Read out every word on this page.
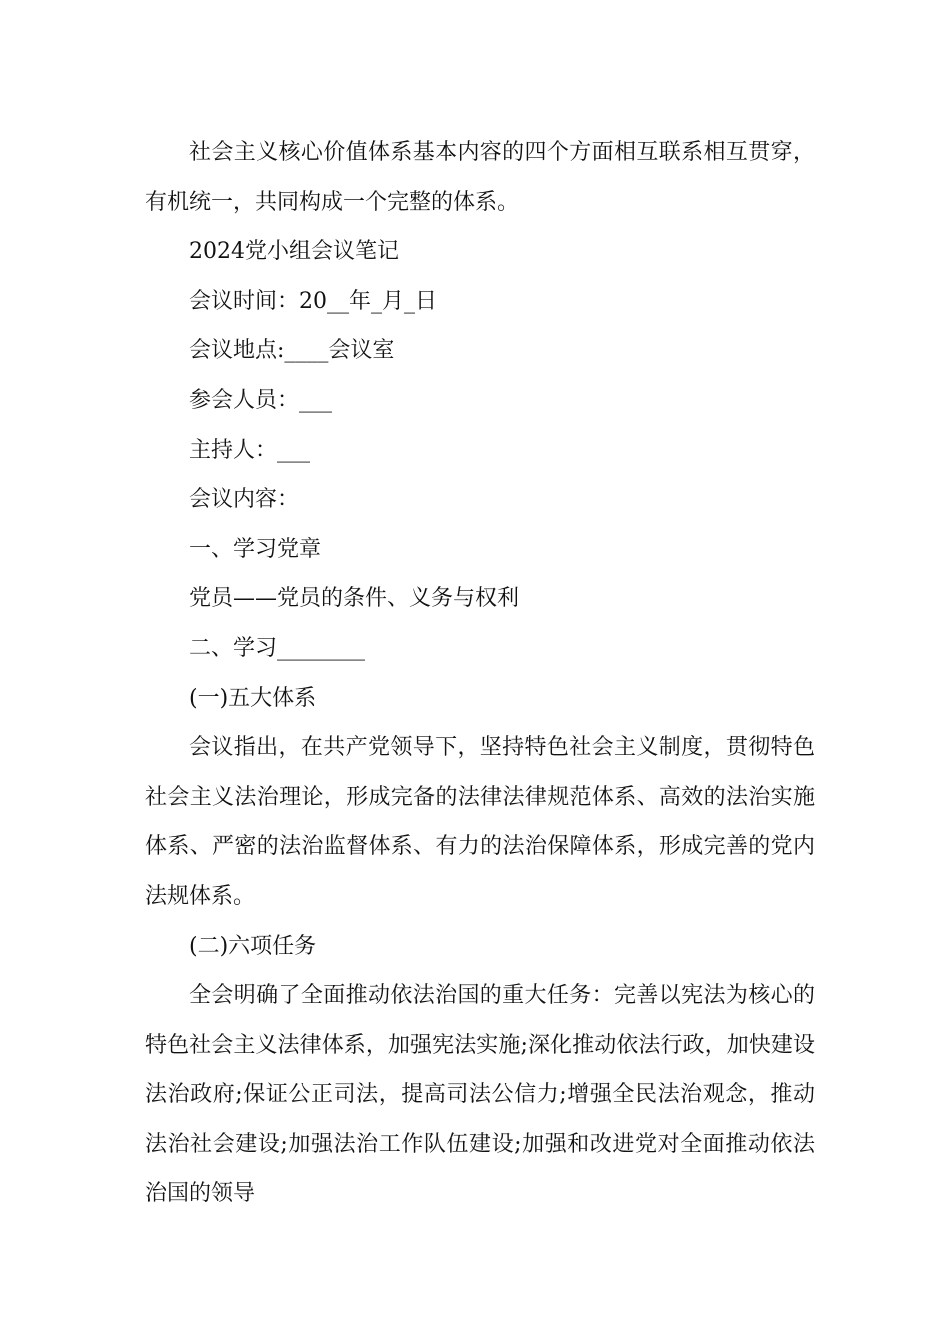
社会主义核心价值体系基本内容的四个方面相互联系相互贯穿，有机统一，共同构成一个完整的体系。

2024党小组会议笔记

会议时间：20__年_月_日

会议地点:____会议室

参会人员：___

主持人：___

会议内容：

一、学习党章

党员——党员的条件、义务与权利

二、学习________

(一)五大体系

会议指出，在共产党领导下，坚持特色社会主义制度，贯彻特色社会主义法治理论，形成完备的法律法律规范体系、高效的法治实施体系、严密的法治监督体系、有力的法治保障体系，形成完善的党内法规体系。

(二)六项任务

全会明确了全面推动依法治国的重大任务：完善以宪法为核心的特色社会主义法律体系，加强宪法实施;深化推动依法行政，加快建设法治政府;保证公正司法，提高司法公信力;增强全民法治观念，推动法治社会建设;加强法治工作队伍建设;加强和改进党对全面推动依法治国的领导
